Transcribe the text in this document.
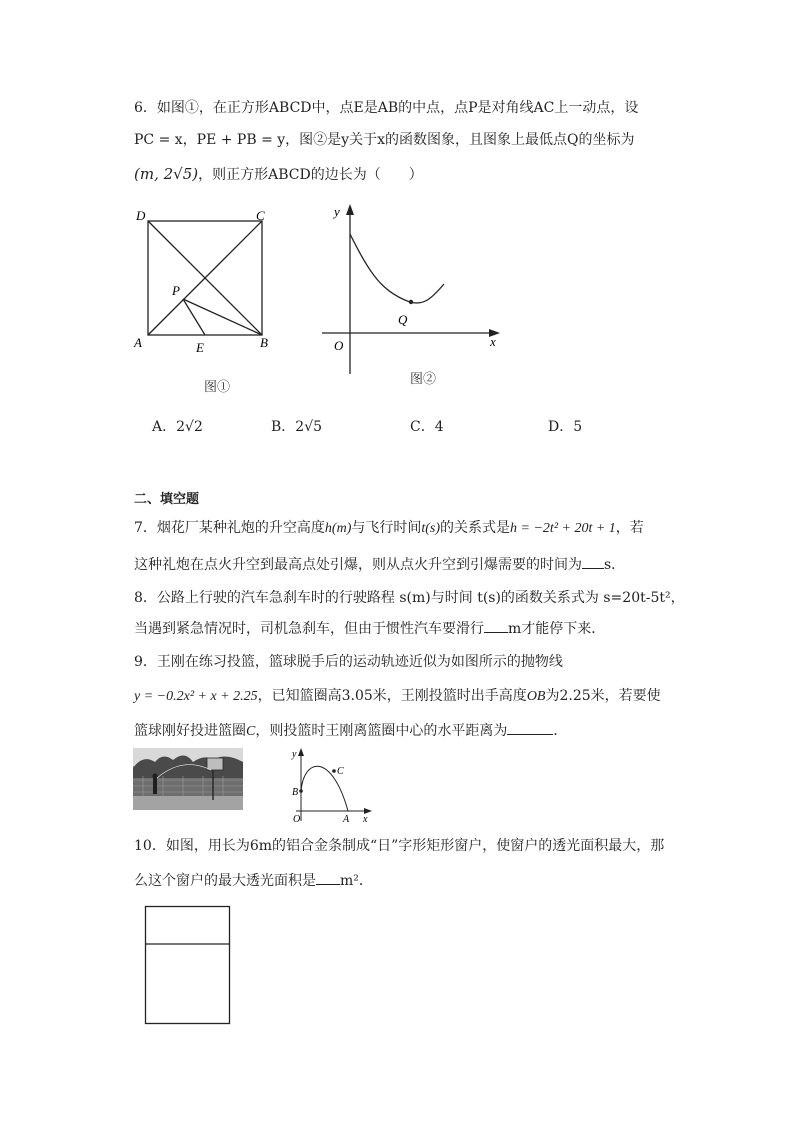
6．如图①，在正方形ABCD中，点E是AB的中点，点P是对角线AC上一动点，设
PC = x，PE + PB = y，图②是y关于x的函数图象，且图象上最低点Q的坐标为
(m, 2√5)，则正方形ABCD的边长为（　　）
D	C
A	B
P
E
图①
y
O	x
Q
图②
A．2√2	B．2√5	C．4	D．5
二、填空题
7．烟花厂某种礼炮的升空高度h(m)与飞行时间t(s)的关系式是h = −2t² + 20t + 1，若
这种礼炮在点火升空到最高点处引爆，则从点火升空到引爆需要的时间为 s．
8．公路上行驶的汽车急刹车时的行驶路程 s(m)与时间 t(s)的函数关系式为 s=20t-5t²，
当遇到紧急情况时，司机急刹车，但由于惯性汽车要滑行 m才能停下来．
9．王刚在练习投篮，篮球脱手后的运动轨迹近似为如图所示的抛物线
y = −0.2x² + x + 2.25，已知篮圈高3.05米，王刚投篮时出手高度OB为2.25米，若要使
篮球刚好投进篮圈C，则投篮时王刚离篮圈中心的水平距离为	．
y
C
B
O	A x
10．如图，用长为6m的铝合金条制成“日”字形矩形窗户，使窗户的透光面积最大，那
么这个窗户的最大透光面积是 m²．
